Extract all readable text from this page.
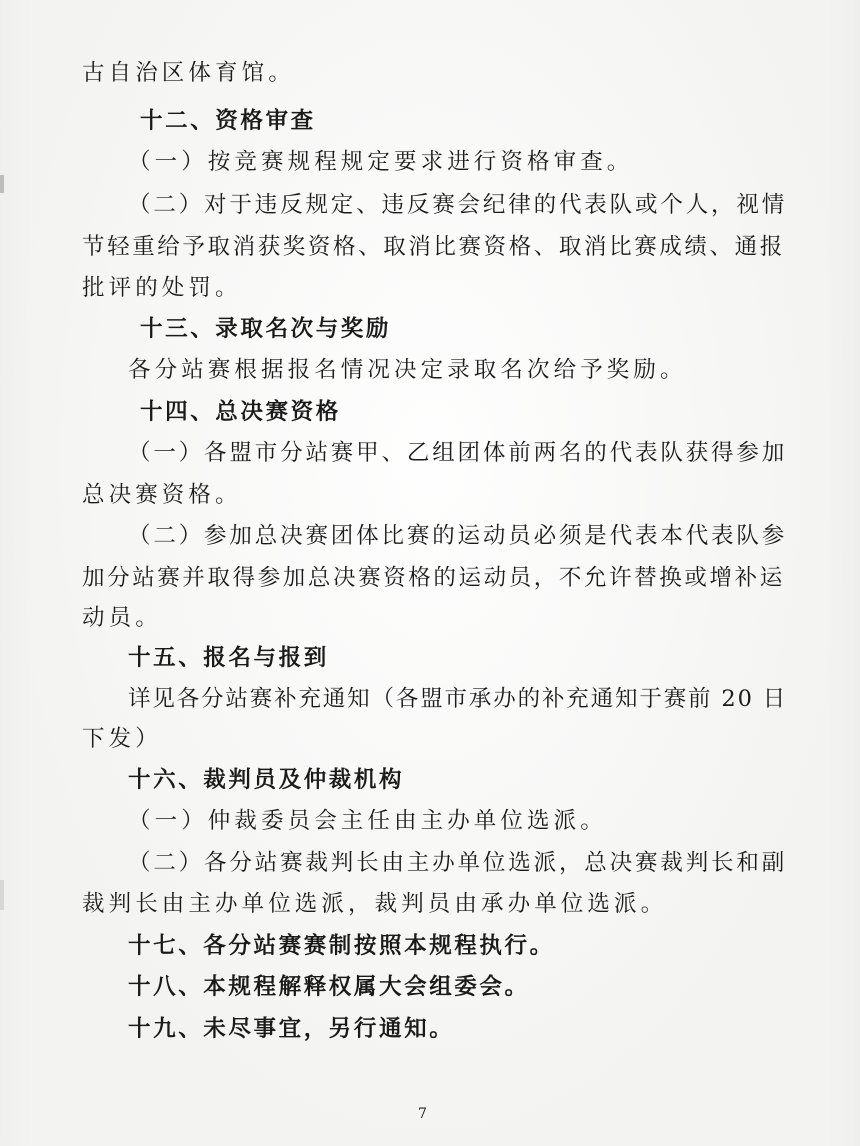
古自治区体育馆。
十二、资格审查
（一）按竞赛规程规定要求进行资格审查。
（二）对于违反规定、违反赛会纪律的代表队或个人，视情
节轻重给予取消获奖资格、取消比赛资格、取消比赛成绩、通报
批评的处罚。
十三、录取名次与奖励
各分站赛根据报名情况决定录取名次给予奖励。
十四、总决赛资格
（一）各盟市分站赛甲、乙组团体前两名的代表队获得参加
总决赛资格。
（二）参加总决赛团体比赛的运动员必须是代表本代表队参
加分站赛并取得参加总决赛资格的运动员，不允许替换或增补运
动员。
十五、报名与报到
详见各分站赛补充通知（各盟市承办的补充通知于赛前 20 日
下发）
十六、裁判员及仲裁机构
（一）仲裁委员会主任由主办单位选派。
（二）各分站赛裁判长由主办单位选派，总决赛裁判长和副
裁判长由主办单位选派，裁判员由承办单位选派。
十七、各分站赛赛制按照本规程执行。
十八、本规程解释权属大会组委会。
十九、未尽事宜，另行通知。
7
